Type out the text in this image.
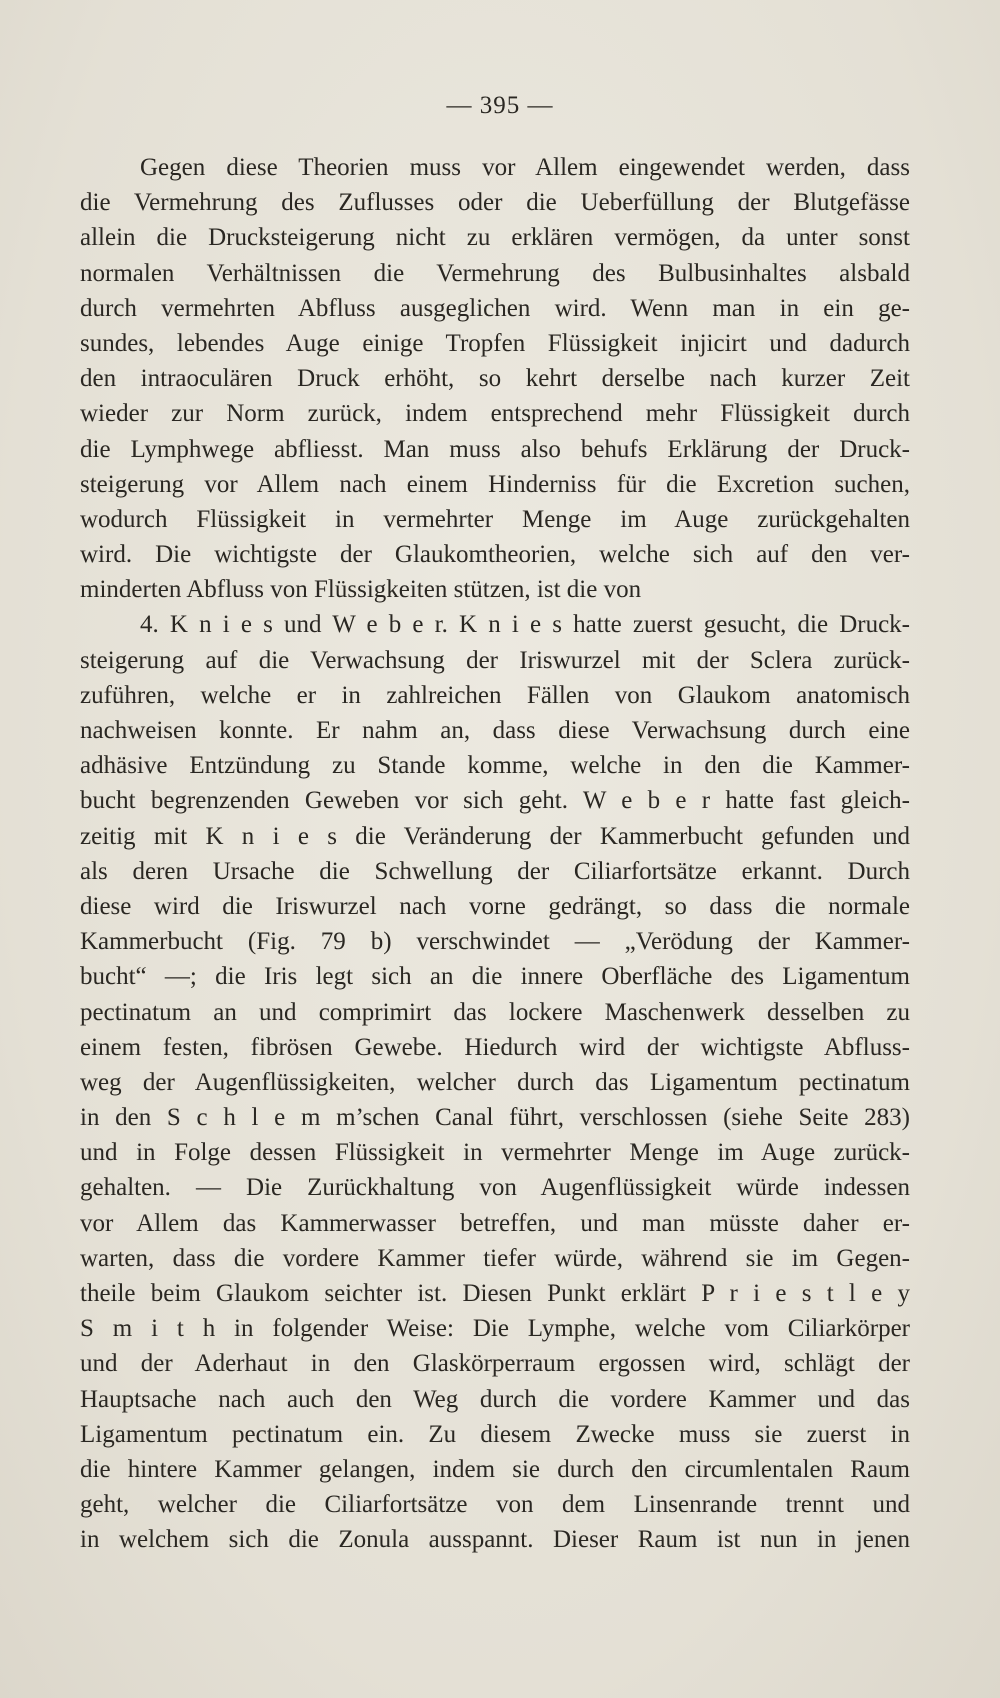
— 395 —
Gegen diese Theorien muss vor Allem eingewendet werden, dass
die Vermehrung des Zuflusses oder die Ueberfüllung der Blutgefässe
allein die Drucksteigerung nicht zu erklären vermögen, da unter sonst
normalen Verhältnissen die Vermehrung des Bulbusinhaltes alsbald
durch vermehrten Abfluss ausgeglichen wird. Wenn man in ein ge-
sundes, lebendes Auge einige Tropfen Flüssigkeit injicirt und dadurch
den intraoculären Druck erhöht, so kehrt derselbe nach kurzer Zeit
wieder zur Norm zurück, indem entsprechend mehr Flüssigkeit durch
die Lymphwege abfliesst. Man muss also behufs Erklärung der Druck-
steigerung vor Allem nach einem Hinderniss für die Excretion suchen,
wodurch Flüssigkeit in vermehrter Menge im Auge zurückgehalten
wird. Die wichtigste der Glaukomtheorien, welche sich auf den ver-
minderten Abfluss von Flüssigkeiten stützen, ist die von
4. K n i e s und W e b e r. K n i e s hatte zuerst gesucht, die Druck-
steigerung auf die Verwachsung der Iriswurzel mit der Sclera zurück-
zuführen, welche er in zahlreichen Fällen von Glaukom anatomisch
nachweisen konnte. Er nahm an, dass diese Verwachsung durch eine
adhäsive Entzündung zu Stande komme, welche in den die Kammer-
bucht begrenzenden Geweben vor sich geht. W e b e r hatte fast gleich-
zeitig mit K n i e s die Veränderung der Kammerbucht gefunden und
als deren Ursache die Schwellung der Ciliarfortsätze erkannt. Durch
diese wird die Iriswurzel nach vorne gedrängt, so dass die normale
Kammerbucht (Fig. 79 b) verschwindet — „Verödung der Kammer-
bucht“ —; die Iris legt sich an die innere Oberfläche des Ligamentum
pectinatum an und comprimirt das lockere Maschenwerk desselben zu
einem festen, fibrösen Gewebe. Hiedurch wird der wichtigste Abfluss-
weg der Augenflüssigkeiten, welcher durch das Ligamentum pectinatum
in den S c h l e m m’schen Canal führt, verschlossen (siehe Seite 283)
und in Folge dessen Flüssigkeit in vermehrter Menge im Auge zurück-
gehalten. — Die Zurückhaltung von Augenflüssigkeit würde indessen
vor Allem das Kammerwasser betreffen, und man müsste daher er-
warten, dass die vordere Kammer tiefer würde, während sie im Gegen-
theile beim Glaukom seichter ist. Diesen Punkt erklärt P r i e s t l e y
S m i t h in folgender Weise: Die Lymphe, welche vom Ciliarkörper
und der Aderhaut in den Glaskörperraum ergossen wird, schlägt der
Hauptsache nach auch den Weg durch die vordere Kammer und das
Ligamentum pectinatum ein. Zu diesem Zwecke muss sie zuerst in
die hintere Kammer gelangen, indem sie durch den circumlentalen Raum
geht, welcher die Ciliarfortsätze von dem Linsenrande trennt und
in welchem sich die Zonula ausspannt. Dieser Raum ist nun in jenen
